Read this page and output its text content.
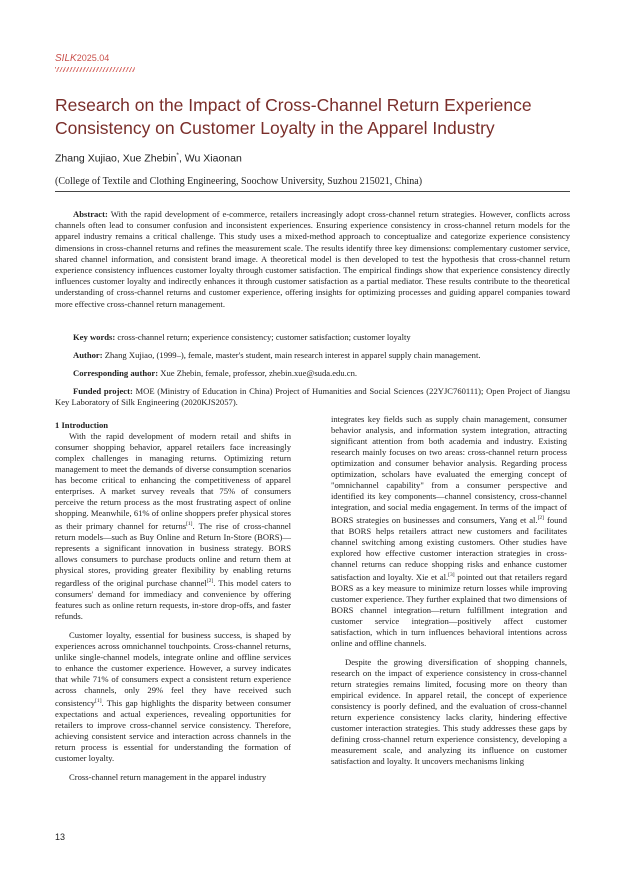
SILK2025.04
Research on the Impact of Cross-Channel Return Experience Consistency on Customer Loyalty in the Apparel Industry
Zhang Xujiao, Xue Zhebin*, Wu Xiaonan
(College of Textile and Clothing Engineering, Soochow University, Suzhou 215021, China)
Abstract: With the rapid development of e-commerce, retailers increasingly adopt cross-channel return strategies. However, conflicts across channels often lead to consumer confusion and inconsistent experiences. Ensuring experience consistency in cross-channel return models for the apparel industry remains a critical challenge. This study uses a mixed-method approach to conceptualize and categorize experience consistency dimensions in cross-channel returns and refines the measurement scale. The results identify three key dimensions: complementary customer service, shared channel information, and consistent brand image. A theoretical model is then developed to test the hypothesis that cross-channel return experience consistency influences customer loyalty through customer satisfaction. The empirical findings show that experience consistency directly influences customer loyalty and indirectly enhances it through customer satisfaction as a partial mediator. These results contribute to the theoretical understanding of cross-channel returns and customer experience, offering insights for optimizing processes and guiding apparel companies toward more effective cross-channel return management.
Key words: cross-channel return; experience consistency; customer satisfaction; customer loyalty
Author: Zhang Xujiao, (1999–), female, master's student, main research interest in apparel supply chain management.
Corresponding author: Xue Zhebin, female, professor, zhebin.xue@suda.edu.cn.
Funded project: MOE (Ministry of Education in China) Project of Humanities and Social Sciences (22YJC760111); Open Project of Jiangsu Key Laboratory of Silk Engineering (2020KJS2057).

1 Introduction

With the rapid development of modern retail and shifts in consumer shopping behavior, apparel retailers face increasingly complex challenges in managing returns. Optimizing return management to meet the demands of diverse consumption scenarios has become critical to enhancing the competitiveness of apparel enterprises. A market survey reveals that 75% of consumers perceive the return process as the most frustrating aspect of online shopping. Meanwhile, 61% of online shoppers prefer physical stores as their primary channel for returns[1]. The rise of cross-channel return models—such as Buy Online and Return In-Store (BORS)—represents a significant innovation in business strategy. BORS allows consumers to purchase products online and return them at physical stores, providing greater flexibility by enabling returns regardless of the original purchase channel[2]. This model caters to consumers' demand for immediacy and convenience by offering features such as online return requests, in-store drop-offs, and faster refunds.

Customer loyalty, essential for business success, is shaped by experiences across omnichannel touchpoints. Cross-channel returns, unlike single-channel models, integrate online and offline services to enhance the customer experience. However, a survey indicates that while 71% of consumers expect a consistent return experience across channels, only 29% feel they have received such consistency[1]. This gap highlights the disparity between consumer expectations and actual experiences, revealing opportunities for retailers to improve cross-channel service consistency. Therefore, achieving consistent service and interaction across channels in the return process is essential for understanding the formation of customer loyalty.

Cross-channel return management in the apparel industry

integrates key fields such as supply chain management, consumer behavior analysis, and information system integration, attracting significant attention from both academia and industry. Existing research mainly focuses on two areas: cross-channel return process optimization and consumer behavior analysis. Regarding process optimization, scholars have evaluated the emerging concept of "omnichannel capability" from a consumer perspective and identified its key components—channel consistency, cross-channel integration, and social media engagement. In terms of the impact of BORS strategies on businesses and consumers, Yang et al.[2] found that BORS helps retailers attract new customers and facilitates channel switching among existing customers. Other studies have explored how effective customer interaction strategies in cross-channel returns can reduce shopping risks and enhance customer satisfaction and loyalty. Xie et al.[3] pointed out that retailers regard BORS as a key measure to minimize return losses while improving customer experience. They further explained that two dimensions of BORS channel integration—return fulfillment integration and customer service integration—positively affect customer satisfaction, which in turn influences behavioral intentions across online and offline channels.

Despite the growing diversification of shopping channels, research on the impact of experience consistency in cross-channel return strategies remains limited, focusing more on theory than empirical evidence. In apparel retail, the concept of experience consistency is poorly defined, and the evaluation of cross-channel return experience consistency lacks clarity, hindering effective customer interaction strategies. This study addresses these gaps by defining cross-channel return experience consistency, developing a measurement scale, and analyzing its influence on customer satisfaction and loyalty. It uncovers mechanisms linking

13
